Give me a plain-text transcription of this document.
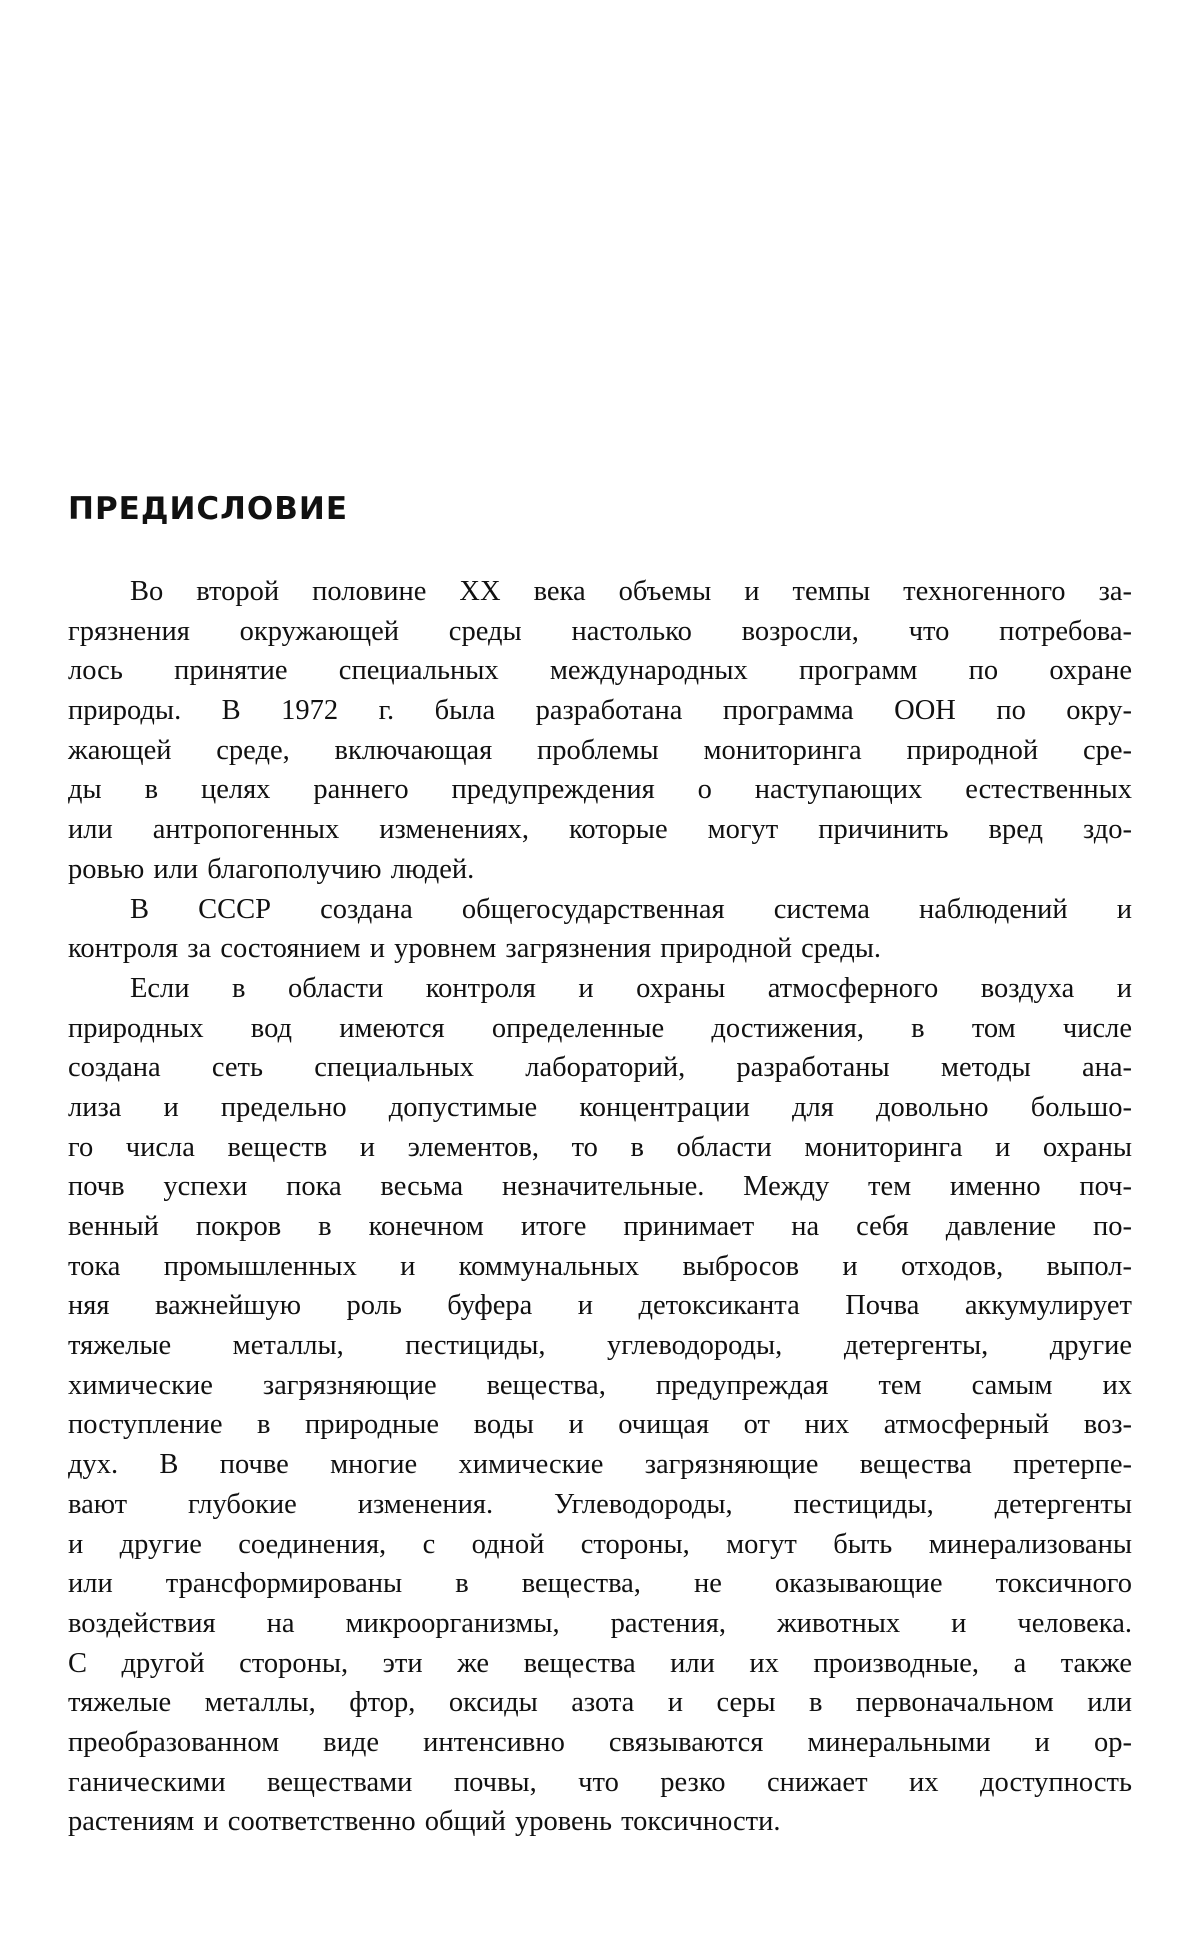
ПРЕДИСЛОВИЕ
Во второй половине XX века объемы и темпы техногенного за-
грязнения окружающей среды настолько возросли, что потребова-
лось принятие специальных международных программ по охране
природы. В 1972 г. была разработана программа ООН по окру-
жающей среде, включающая проблемы мониторинга природной сре-
ды в целях раннего предупреждения о наступающих естественных
или антропогенных изменениях, которые могут причинить вред здо-
ровью или благополучию людей.
В СССР создана общегосударственная система наблюдений и
контроля за состоянием и уровнем загрязнения природной среды.
Если в области контроля и охраны атмосферного воздуха и
природных вод имеются определенные достижения, в том числе
создана сеть специальных лабораторий, разработаны методы ана-
лиза и предельно допустимые концентрации для довольно большо-
го числа веществ и элементов, то в области мониторинга и охраны
почв успехи пока весьма незначительные. Между тем именно поч-
венный покров в конечном итоге принимает на себя давление по-
тока промышленных и коммунальных выбросов и отходов, выпол-
няя важнейшую роль буфера и детоксиканта Почва аккумулирует
тяжелые металлы, пестициды, углеводороды, детергенты, другие
химические загрязняющие вещества, предупреждая тем самым их
поступление в природные воды и очищая от них атмосферный воз-
дух. В почве многие химические загрязняющие вещества претерпе-
вают глубокие изменения. Углеводороды, пестициды, детергенты
и другие соединения, с одной стороны, могут быть минерализованы
или трансформированы в вещества, не оказывающие токсичного
воздействия на микроорганизмы, растения, животных и человека.
С другой стороны, эти же вещества или их производные, а также
тяжелые металлы, фтор, оксиды азота и серы в первоначальном или
преобразованном виде интенсивно связываются минеральными и ор-
ганическими веществами почвы, что резко снижает их доступность
растениям и соответственно общий уровень токсичности.
